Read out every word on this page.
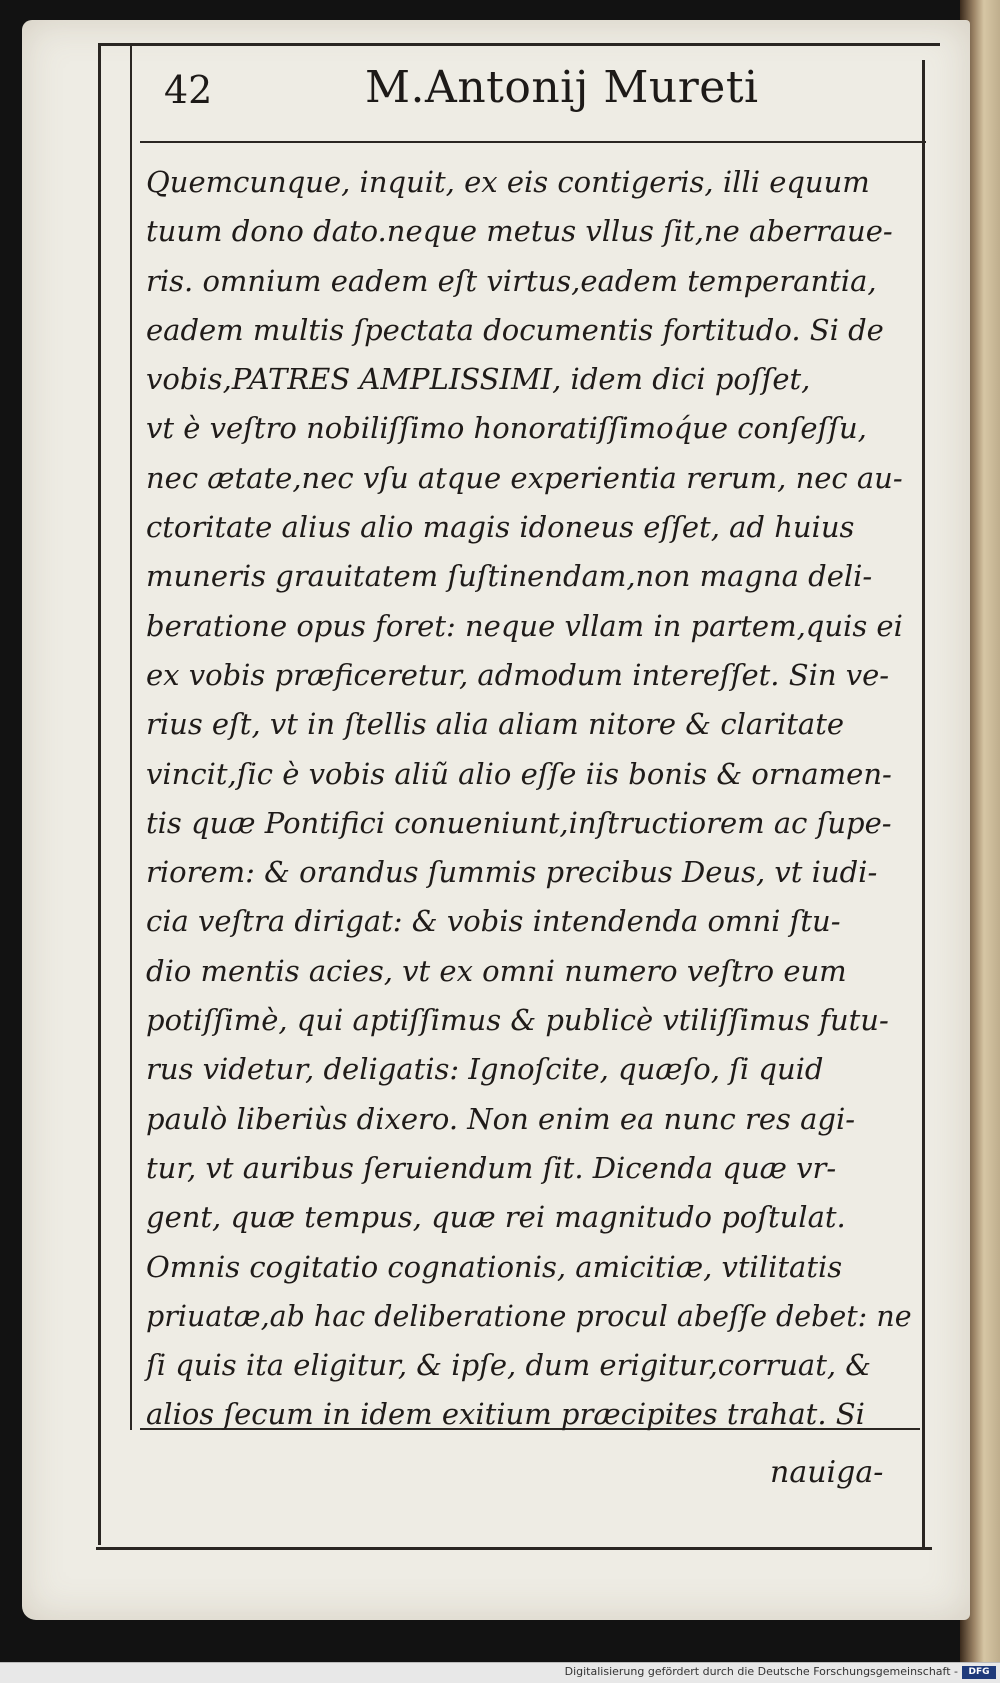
42	M.Antonij Mureti
Quemcunque, inquit, ex eis contigeris, illi equum
tuum dono dato.neque metus vllus ſit,ne aberraue-
ris. omnium eadem eſt virtus,eadem temperantia,
eadem multis ſpectata documentis fortitudo. Si de
vobis,PATRES AMPLISSIMI, idem dici poſſet,
vt è veſtro nobiliſſimo honoratiſſimoq́ue conſeſſu,
nec ætate,nec vſu atque experientia rerum, nec au-
ctoritate alius alio magis idoneus eſſet, ad huius
muneris grauitatem ſuſtinendam,non magna deli-
beratione opus foret: neque vllam in partem,quis ei
ex vobis præficeretur, admodum intereſſet. Sin ve-
rius eſt, vt in ſtellis alia aliam nitore & claritate
vincit,ſic è vobis aliũ alio eſſe iis bonis & ornamen-
tis quæ Pontifici conueniunt,inſtructiorem ac ſupe-
riorem: & orandus ſummis precibus Deus, vt iudi-
cia veſtra dirigat: & vobis intendenda omni ſtu-
dio mentis acies, vt ex omni numero veſtro eum
potiſſimè, qui aptiſſimus & publicè vtiliſſimus futu-
rus videtur, deligatis: Ignoſcite, quæſo, ſi quid
paulò liberiùs dixero. Non enim ea nunc res agi-
tur, vt auribus ſeruiendum ſit. Dicenda quæ vr-
gent, quæ tempus, quæ rei magnitudo poſtulat.
Omnis cogitatio cognationis, amicitiæ, vtilitatis
priuatæ,ab hac deliberatione procul abeſſe debet: ne
ſi quis ita eligitur, & ipſe, dum erigitur,corruat, &
alios ſecum in idem exitium præcipites trahat. Si
nauiga-
Digitalisierung gefördert durch die Deutsche Forschungsgemeinschaft -	DFG
